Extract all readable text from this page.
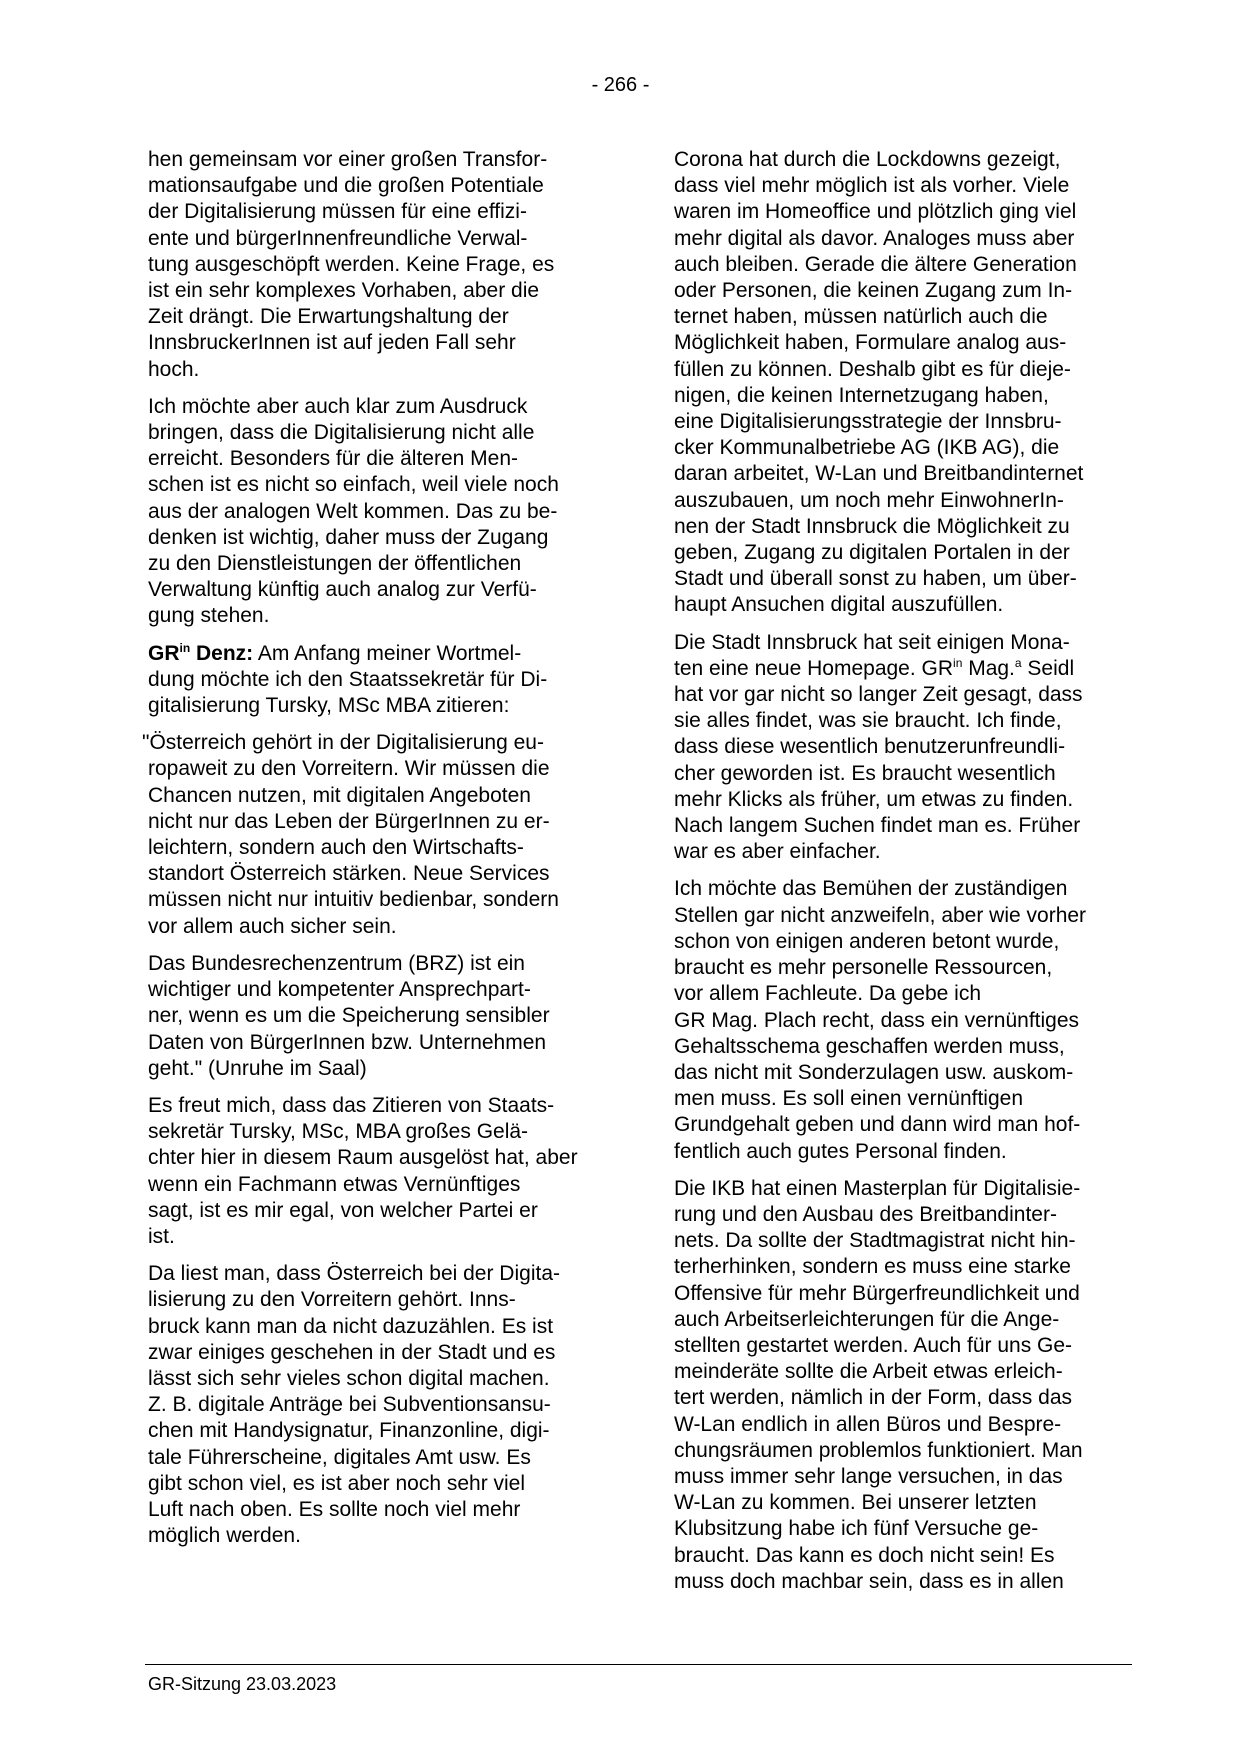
- 266 -
hen gemeinsam vor einer großen Transfor-
mationsaufgabe und die großen Potentiale
der Digitalisierung müssen für eine effizi-
ente und bürgerInnenfreundliche Verwal-
tung ausgeschöpft werden. Keine Frage, es
ist ein sehr komplexes Vorhaben, aber die
Zeit drängt. Die Erwartungshaltung der
InnsbruckerInnen ist auf jeden Fall sehr
hoch.
Ich möchte aber auch klar zum Ausdruck
bringen, dass die Digitalisierung nicht alle
erreicht. Besonders für die älteren Men-
schen ist es nicht so einfach, weil viele noch
aus der analogen Welt kommen. Das zu be-
denken ist wichtig, daher muss der Zugang
zu den Dienstleistungen der öffentlichen
Verwaltung künftig auch analog zur Verfü-
gung stehen.
$GR^{in}$ Denz: Am Anfang meiner Wortmel-
dung möchte ich den Staatssekretär für Di-
gitalisierung Tursky, MSc MBA zitieren:
"Österreich gehört in der Digitalisierung eu-
ropaweit zu den Vorreitern. Wir müssen die
Chancen nutzen, mit digitalen Angeboten
nicht nur das Leben der BürgerInnen zu er-
leichtern, sondern auch den Wirtschafts-
standort Österreich stärken. Neue Services
müssen nicht nur intuitiv bedienbar, sondern
vor allem auch sicher sein.
Das Bundesrechenzentrum (BRZ) ist ein
wichtiger und kompetenter Ansprechpart-
ner, wenn es um die Speicherung sensibler
Daten von BürgerInnen bzw. Unternehmen
geht." (Unruhe im Saal)
Es freut mich, dass das Zitieren von Staats-
sekretär Tursky, MSc, MBA großes Gelä-
chter hier in diesem Raum ausgelöst hat, aber
wenn ein Fachmann etwas Vernünftiges
sagt, ist es mir egal, von welcher Partei er
ist.
Da liest man, dass Österreich bei der Digita-
lisierung zu den Vorreitern gehört. Inns-
bruck kann man da nicht dazuzählen. Es ist
zwar einiges geschehen in der Stadt und es
lässt sich sehr vieles schon digital machen.
Z. B. digitale Anträge bei Subventionsansu-
chen mit Handysignatur, Finanzonline, digi-
tale Führerscheine, digitales Amt usw. Es
gibt schon viel, es ist aber noch sehr viel
Luft nach oben. Es sollte noch viel mehr
möglich werden.
Corona hat durch die Lockdowns gezeigt,
dass viel mehr möglich ist als vorher. Viele
waren im Homeoffice und plötzlich ging viel
mehr digital als davor. Analoges muss aber
auch bleiben. Gerade die ältere Generation
oder Personen, die keinen Zugang zum In-
ternet haben, müssen natürlich auch die
Möglichkeit haben, Formulare analog aus-
füllen zu können. Deshalb gibt es für dieje-
nigen, die keinen Internetzugang haben,
eine Digitalisierungsstrategie der Innsbru-
cker Kommunalbetriebe AG (IKB AG), die
daran arbeitet, W-Lan und Breitbandinternet
auszubauen, um noch mehr EinwohnerIn-
nen der Stadt Innsbruck die Möglichkeit zu
geben, Zugang zu digitalen Portalen in der
Stadt und überall sonst zu haben, um über-
haupt Ansuchen digital auszufüllen.
Die Stadt Innsbruck hat seit einigen Mona-
ten eine neue Homepage. $GR^{in}$ Mag.$^a$ Seidl
hat vor gar nicht so langer Zeit gesagt, dass
sie alles findet, was sie braucht. Ich finde,
dass diese wesentlich benutzerunfreundli-
cher geworden ist. Es braucht wesentlich
mehr Klicks als früher, um etwas zu finden.
Nach langem Suchen findet man es. Früher
war es aber einfacher.
Ich möchte das Bemühen der zuständigen
Stellen gar nicht anzweifeln, aber wie vorher
schon von einigen anderen betont wurde,
braucht es mehr personelle Ressourcen,
vor allem Fachleute. Da gebe ich
GR Mag. Plach recht, dass ein vernünftiges
Gehaltsschema geschaffen werden muss,
das nicht mit Sonderzulagen usw. auskom-
men muss. Es soll einen vernünftigen
Grundgehalt geben und dann wird man hof-
fentlich auch gutes Personal finden.
Die IKB hat einen Masterplan für Digitalisie-
rung und den Ausbau des Breitbandinter-
nets. Da sollte der Stadtmagistrat nicht hin-
terherhinken, sondern es muss eine starke
Offensive für mehr Bürgerfreundlichkeit und
auch Arbeitserleichterungen für die Ange-
stellten gestartet werden. Auch für uns Ge-
meinderäte sollte die Arbeit etwas erleich-
tert werden, nämlich in der Form, dass das
W-Lan endlich in allen Büros und Bespre-
chungsräumen problemlos funktioniert. Man
muss immer sehr lange versuchen, in das
W-Lan zu kommen. Bei unserer letzten
Klubsitzung habe ich fünf Versuche ge-
braucht. Das kann es doch nicht sein! Es
muss doch machbar sein, dass es in allen
GR-Sitzung 23.03.2023
